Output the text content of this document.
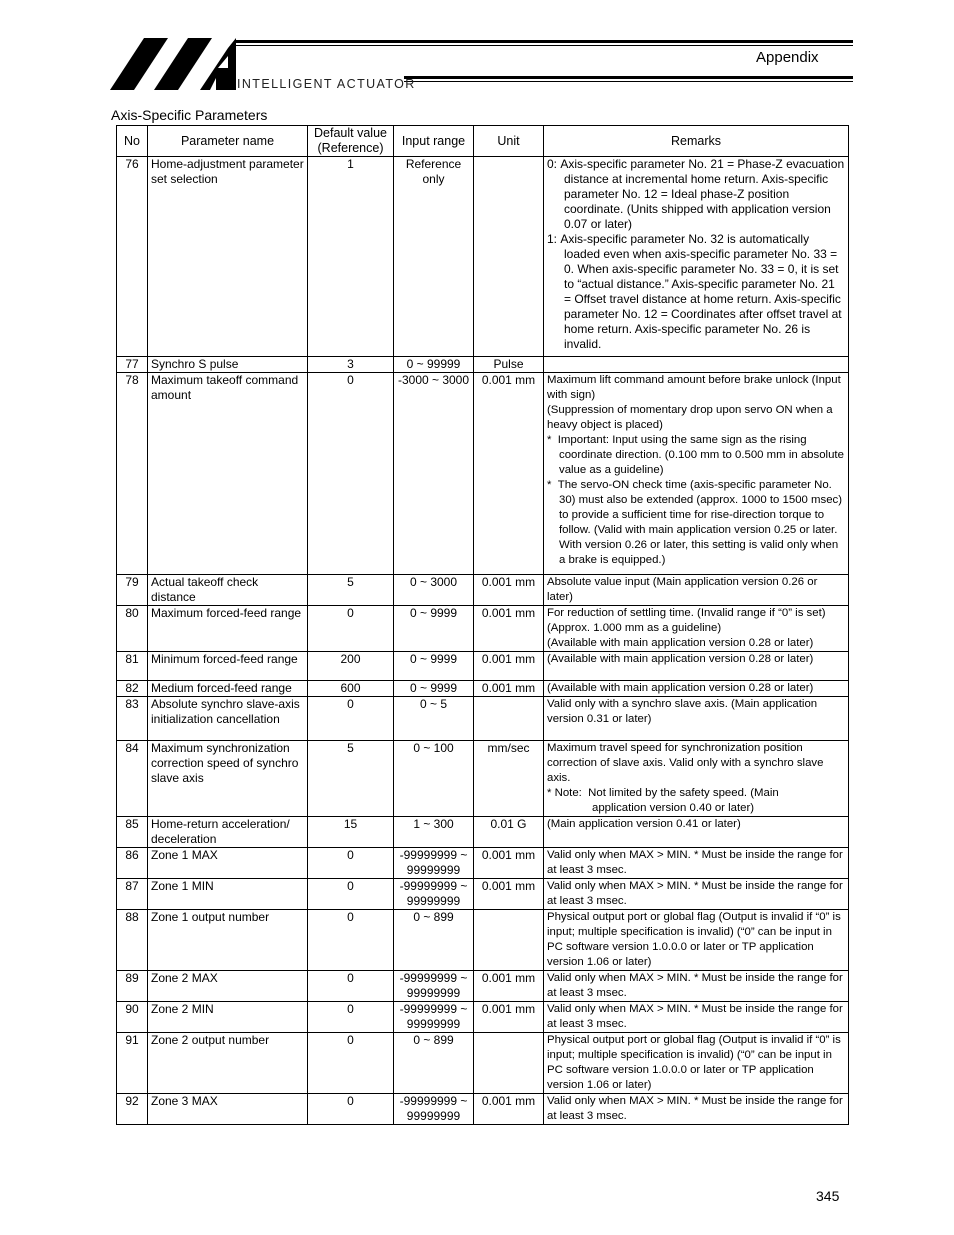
INTELLIGENT ACTUATOR
Appendix
Axis-Specific Parameters
No	Parameter name	Default value (Reference)	Input range	Unit	Remarks
76	Home-adjustment parameter set selection	1	Reference only		0: Axis-specific parameter No. 21 = Phase-Z evacuation distance at incremental home return. Axis-specific parameter No. 12 = Ideal phase-Z position coordinate. (Units shipped with application version 0.07 or later)
1: Axis-specific parameter No. 32 is automatically loaded even when axis-specific parameter No. 33 = 0. When axis-specific parameter No. 33 = 0, it is set to “actual distance.” Axis-specific parameter No. 21 = Offset travel distance at home return. Axis-specific parameter No. 12 = Coordinates after offset travel at home return. Axis-specific parameter No. 26 is invalid.

77	Synchro S pulse	3	0 ~ 99999	Pulse	
78	Maximum takeoff command amount	0	-3000 ~ 3000	0.001 mm	Maximum lift command amount before brake unlock (Input with sign)
(Suppression of momentary drop upon servo ON when a heavy object is placed)
*  Important: Input using the same sign as the rising coordinate direction. (0.100 mm to 0.500 mm in absolute value as a guideline)
*  The servo-ON check time (axis-specific parameter No. 30) must also be extended (approx. 1000 to 1500 msec) to provide a sufficient time for rise-direction torque to follow. (Valid with main application version 0.25 or later. With version 0.26 or later, this setting is valid only when a brake is equipped.)

79	Actual takeoff check distance	5	0 ~ 3000	0.001 mm	Absolute value input (Main application version 0.26 or later)

80	Maximum forced-feed range	0	0 ~ 9999	0.001 mm	For reduction of settling time. (Invalid range if “0” is set) (Approx. 1.000 mm as a guideline)
(Available with main application version 0.28 or later)

81	Minimum forced-feed range	200	0 ~ 9999	0.001 mm	(Available with main application version 0.28 or later)

82	Medium forced-feed range	600	0 ~ 9999	0.001 mm	(Available with main application version 0.28 or later)

83	Absolute synchro slave-axis initialization cancellation	0	0 ~ 5		Valid only with a synchro slave axis. (Main application version 0.31 or later)

84	Maximum synchronization correction speed of synchro slave axis	5	0 ~ 100	mm/sec	Maximum travel speed for synchronization position correction of slave axis. Valid only with a synchro slave axis.
* Note:  Not limited by the safety speed. (Main
application version 0.40 or later)

85	Home-return acceleration/ deceleration	15	1 ~ 300	0.01 G	(Main application version 0.41 or later)

86	Zone 1 MAX	0	-99999999 ~ 99999999	0.001 mm	Valid only when MAX > MIN. * Must be inside the range for at least 3 msec.

87	Zone 1 MIN	0	-99999999 ~ 99999999	0.001 mm	Valid only when MAX > MIN. * Must be inside the range for at least 3 msec.

88	Zone 1 output number	0	0 ~ 899		Physical output port or global flag (Output is invalid if “0” is input; multiple specification is invalid) (“0” can be input in PC software version 1.0.0.0 or later or TP application version 1.06 or later)

89	Zone 2 MAX	0	-99999999 ~ 99999999	0.001 mm	Valid only when MAX > MIN. * Must be inside the range for at least 3 msec.

90	Zone 2 MIN	0	-99999999 ~ 99999999	0.001 mm	Valid only when MAX > MIN. * Must be inside the range for at least 3 msec.

91	Zone 2 output number	0	0 ~ 899		Physical output port or global flag (Output is invalid if “0” is input; multiple specification is invalid) (“0” can be input in PC software version 1.0.0.0 or later or TP application version 1.06 or later)

92	Zone 3 MAX	0	-99999999 ~ 99999999	0.001 mm	Valid only when MAX > MIN. * Must be inside the range for at least 3 msec.
345
